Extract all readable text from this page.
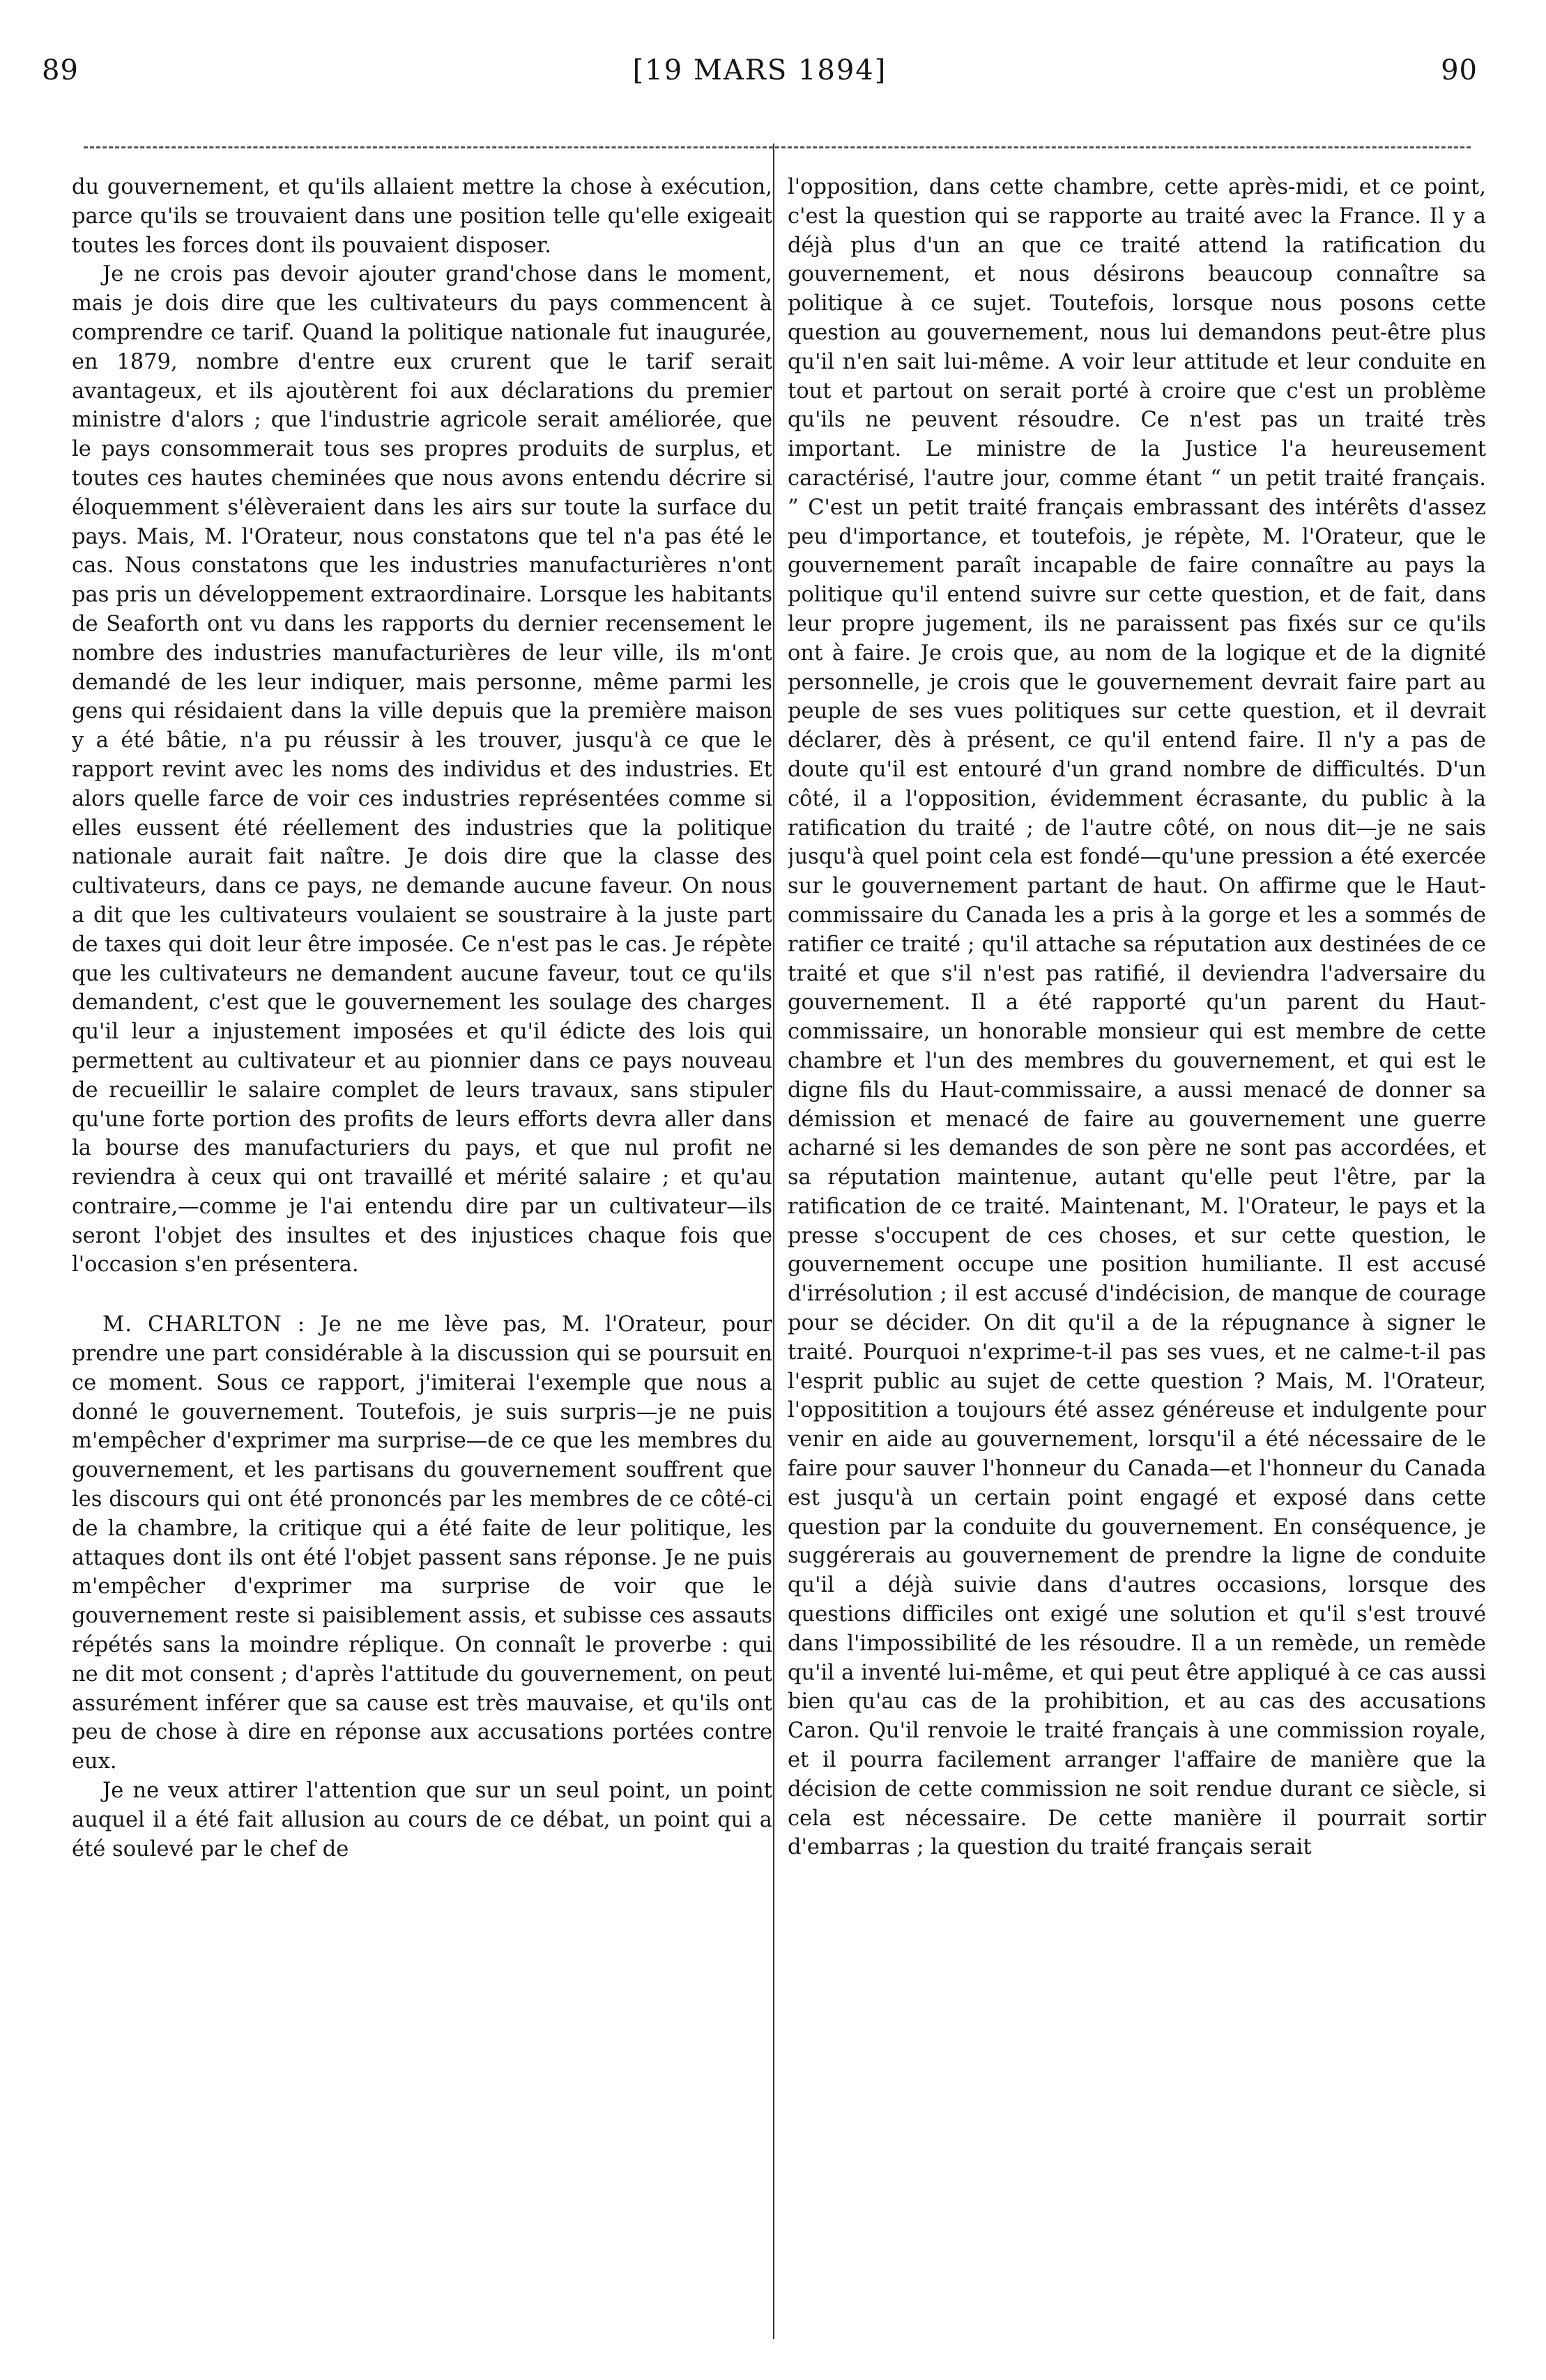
89	[19 MARS 1894]	90

du gouvernement, et qu'ils allaient mettre la chose à exécution, parce qu'ils se trouvaient dans une position telle qu'elle exigeait toutes les forces dont ils pouvaient disposer.

Je ne crois pas devoir ajouter grand'chose dans le moment, mais je dois dire que les cultivateurs du pays commencent à comprendre ce tarif. Quand la politique nationale fut inaugurée, en 1879, nombre d'entre eux crurent que le tarif serait avantageux, et ils ajoutèrent foi aux déclarations du premier ministre d'alors ; que l'industrie agricole serait améliorée, que le pays consommerait tous ses propres produits de surplus, et toutes ces hautes cheminées que nous avons entendu décrire si éloquemment s'élèveraient dans les airs sur toute la surface du pays. Mais, M. l'Orateur, nous constatons que tel n'a pas été le cas. Nous constatons que les industries manufacturières n'ont pas pris un développement extraordinaire. Lorsque les habitants de Seaforth ont vu dans les rapports du dernier recensement le nombre des industries manufacturières de leur ville, ils m'ont demandé de les leur indiquer, mais personne, même parmi les gens qui résidaient dans la ville depuis que la première maison y a été bâtie, n'a pu réussir à les trouver, jusqu'à ce que le rapport revint avec les noms des individus et des industries. Et alors quelle farce de voir ces industries représentées comme si elles eussent été réellement des industries que la politique nationale aurait fait naître. Je dois dire que la classe des cultivateurs, dans ce pays, ne demande aucune faveur. On nous a dit que les cultivateurs voulaient se soustraire à la juste part de taxes qui doit leur être imposée. Ce n'est pas le cas. Je répète que les cultivateurs ne demandent aucune faveur, tout ce qu'ils demandent, c'est que le gouvernement les soulage des charges qu'il leur a injustement imposées et qu'il édicte des lois qui permettent au cultivateur et au pionnier dans ce pays nouveau de recueillir le salaire complet de leurs travaux, sans stipuler qu'une forte portion des profits de leurs efforts devra aller dans la bourse des manufacturiers du pays, et que nul profit ne reviendra à ceux qui ont travaillé et mérité salaire ; et qu'au contraire,—comme je l'ai entendu dire par un cultivateur—ils seront l'objet des insultes et des injustices chaque fois que l'occasion s'en présentera.

M. CHARLTON : Je ne me lève pas, M. l'Orateur, pour prendre une part considérable à la discussion qui se poursuit en ce moment. Sous ce rapport, j'imiterai l'exemple que nous a donné le gouvernement. Toutefois, je suis surpris—je ne puis m'empêcher d'exprimer ma surprise—de ce que les membres du gouvernement, et les partisans du gouvernement souffrent que les discours qui ont été prononcés par les membres de ce côté-ci de la chambre, la critique qui a été faite de leur politique, les attaques dont ils ont été l'objet passent sans réponse. Je ne puis m'empêcher d'exprimer ma surprise de voir que le gouvernement reste si paisiblement assis, et subisse ces assauts répétés sans la moindre réplique. On connaît le proverbe : qui ne dit mot consent ; d'après l'attitude du gouvernement, on peut assurément inférer que sa cause est très mauvaise, et qu'ils ont peu de chose à dire en réponse aux accusations portées contre eux.

Je ne veux attirer l'attention que sur un seul point, un point auquel il a été fait allusion au cours de ce débat, un point qui a été soulevé par le chef de

l'opposition, dans cette chambre, cette après-midi, et ce point, c'est la question qui se rapporte au traité avec la France. Il y a déjà plus d'un an que ce traité attend la ratification du gouvernement, et nous désirons beaucoup connaître sa politique à ce sujet. Toutefois, lorsque nous posons cette question au gouvernement, nous lui demandons peut-être plus qu'il n'en sait lui-même. A voir leur attitude et leur conduite en tout et partout on serait porté à croire que c'est un problème qu'ils ne peuvent résoudre. Ce n'est pas un traité très important. Le ministre de la Justice l'a heureusement caractérisé, l'autre jour, comme étant “ un petit traité français. ” C'est un petit traité français embrassant des intérêts d'assez peu d'importance, et toutefois, je répète, M. l'Orateur, que le gouvernement paraît incapable de faire connaître au pays la politique qu'il entend suivre sur cette question, et de fait, dans leur propre jugement, ils ne paraissent pas fixés sur ce qu'ils ont à faire. Je crois que, au nom de la logique et de la dignité personnelle, je crois que le gouvernement devrait faire part au peuple de ses vues politiques sur cette question, et il devrait déclarer, dès à présent, ce qu'il entend faire. Il n'y a pas de doute qu'il est entouré d'un grand nombre de difficultés. D'un côté, il a l'opposition, évidemment écrasante, du public à la ratification du traité ; de l'autre côté, on nous dit—je ne sais jusqu'à quel point cela est fondé—qu'une pression a été exercée sur le gouvernement partant de haut. On affirme que le Haut-commissaire du Canada les a pris à la gorge et les a sommés de ratifier ce traité ; qu'il attache sa réputation aux destinées de ce traité et que s'il n'est pas ratifié, il deviendra l'adversaire du gouvernement. Il a été rapporté qu'un parent du Haut-commissaire, un honorable monsieur qui est membre de cette chambre et l'un des membres du gouvernement, et qui est le digne fils du Haut-commissaire, a aussi menacé de donner sa démission et menacé de faire au gouvernement une guerre acharné si les demandes de son père ne sont pas accordées, et sa réputation maintenue, autant qu'elle peut l'être, par la ratification de ce traité. Maintenant, M. l'Orateur, le pays et la presse s'occupent de ces choses, et sur cette question, le gouvernement occupe une position humiliante. Il est accusé d'irrésolution ; il est accusé d'indécision, de manque de courage pour se décider. On dit qu'il a de la répugnance à signer le traité. Pourquoi n'exprime-t-il pas ses vues, et ne calme-t-il pas l'esprit public au sujet de cette question ? Mais, M. l'Orateur, l'oppositition a toujours été assez généreuse et indulgente pour venir en aide au gouvernement, lorsqu'il a été nécessaire de le faire pour sauver l'honneur du Canada—et l'honneur du Canada est jusqu'à un certain point engagé et exposé dans cette question par la conduite du gouvernement. En conséquence, je suggérerais au gouvernement de prendre la ligne de conduite qu'il a déjà suivie dans d'autres occasions, lorsque des questions difficiles ont exigé une solution et qu'il s'est trouvé dans l'impossibilité de les résoudre. Il a un remède, un remède qu'il a inventé lui-même, et qui peut être appliqué à ce cas aussi bien qu'au cas de la prohibition, et au cas des accusations Caron. Qu'il renvoie le traité français à une commission royale, et il pourra facilement arranger l'affaire de manière que la décision de cette commission ne soit rendue durant ce siècle, si cela est nécessaire. De cette manière il pourrait sortir d'embarras ; la question du traité français serait
